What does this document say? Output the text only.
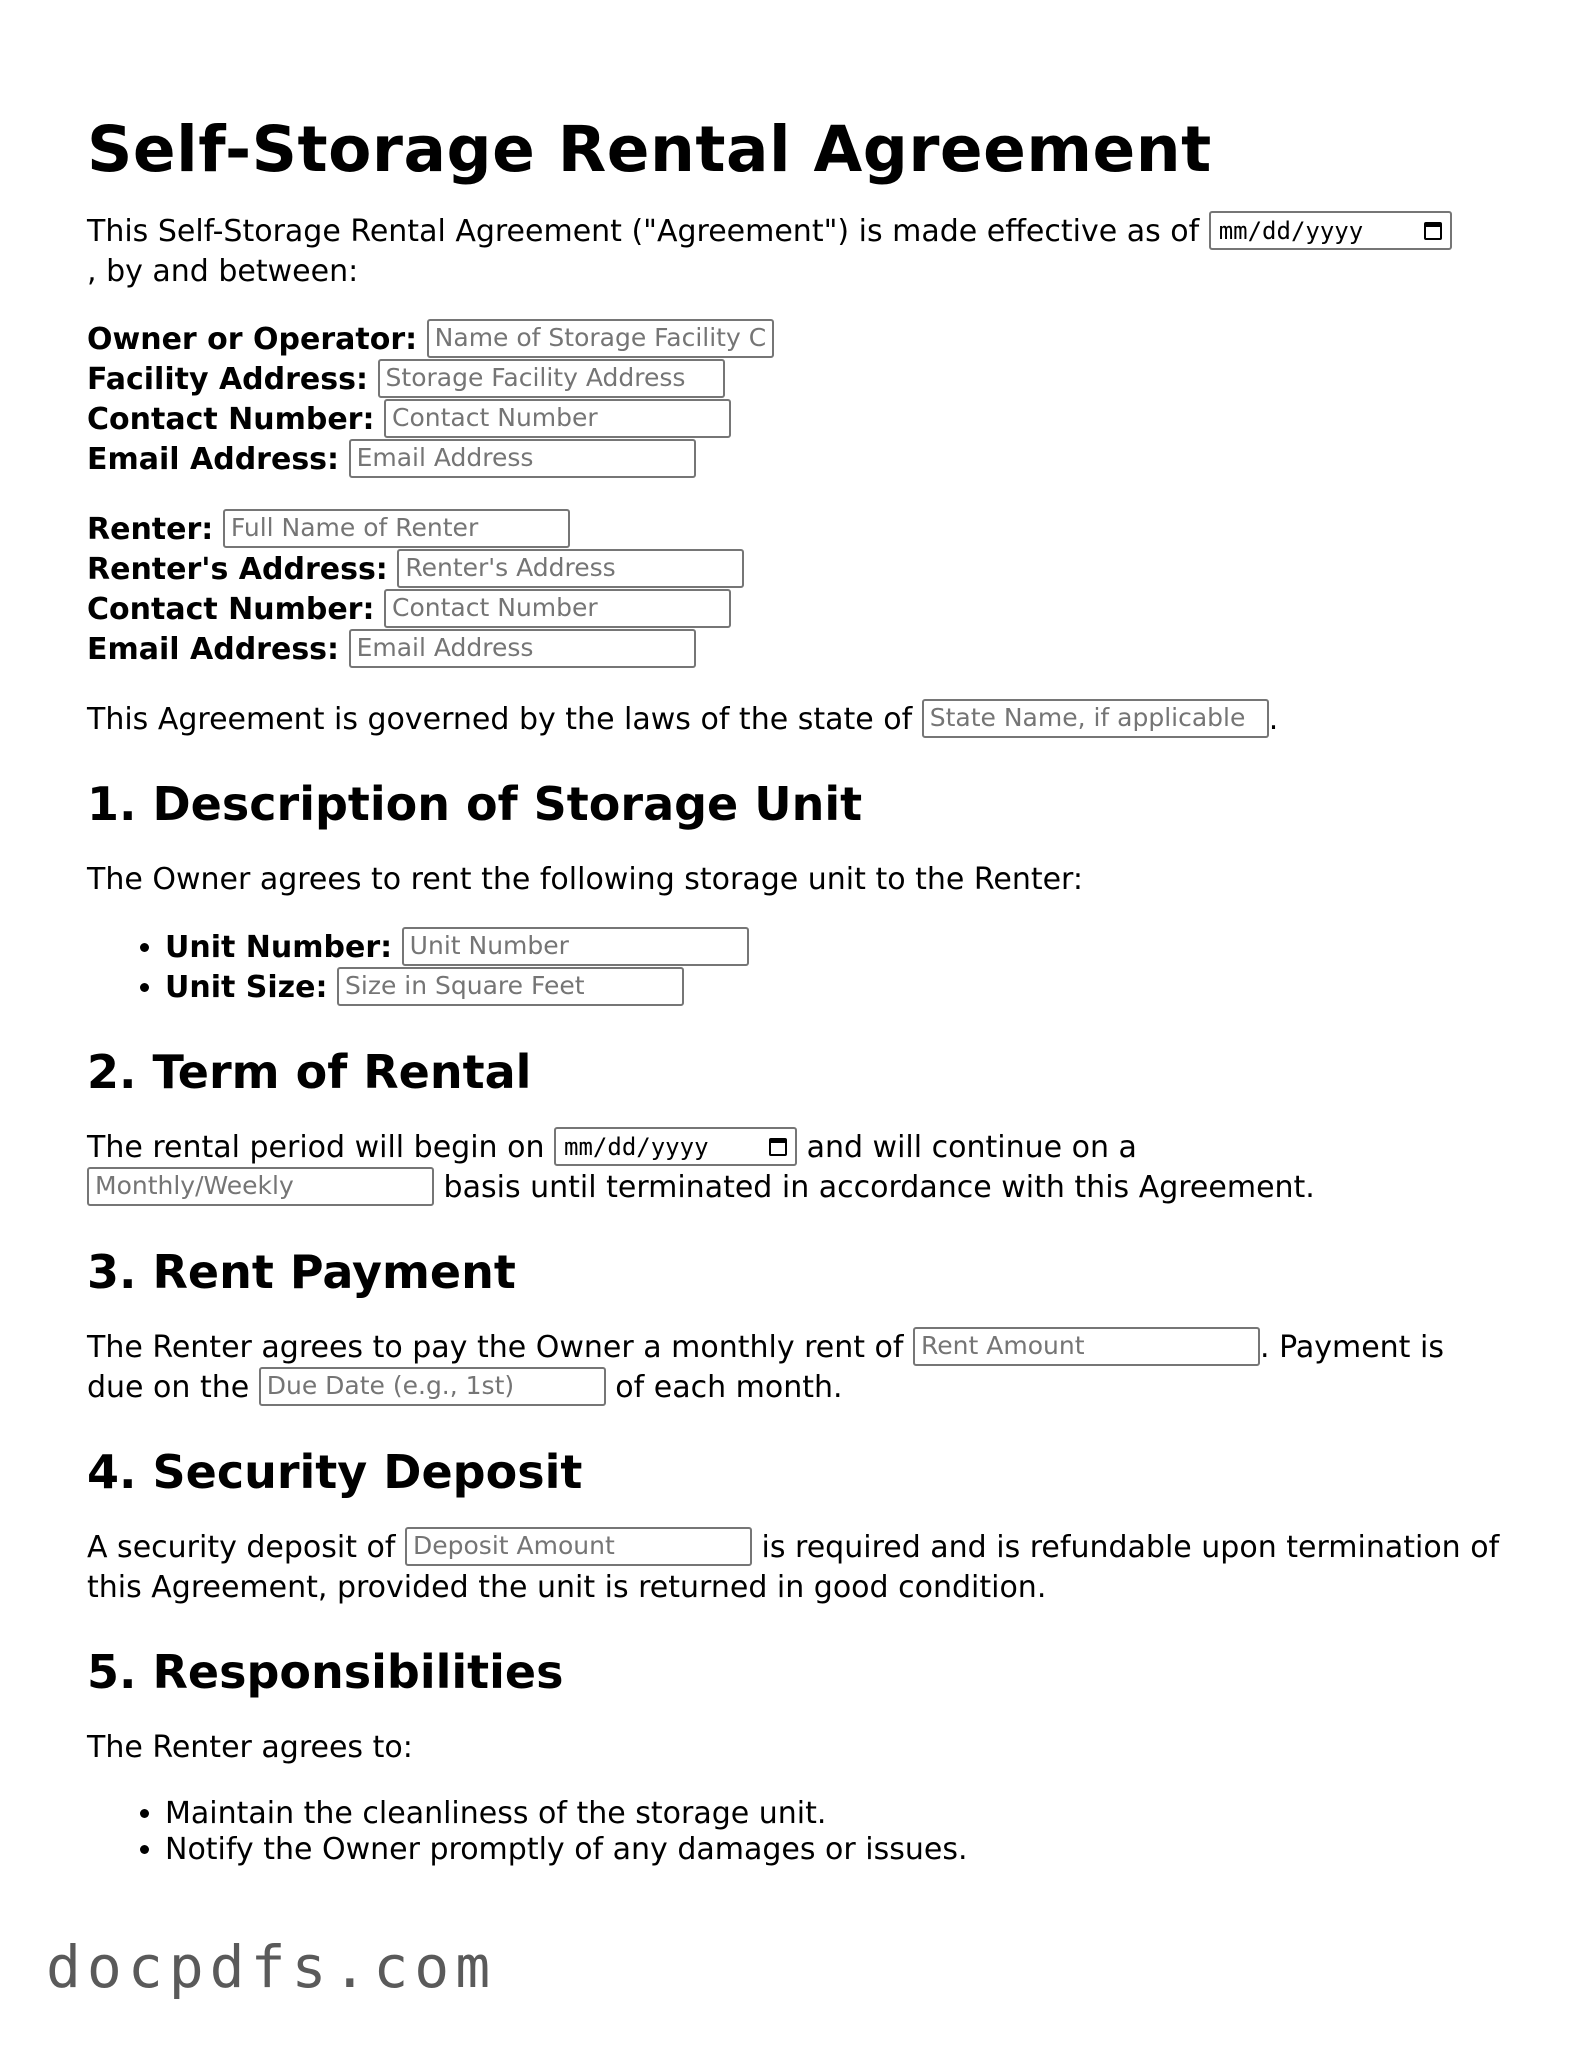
Self-Storage Rental Agreement

This Self-Storage Rental Agreement ("Agreement") is made effective as of mm/dd/yyyy

, by and between:

Owner or Operator: Name of Storage Facility C
Facility Address: Storage Facility Address
Contact Number: Contact Number
Email Address: Email Address

Renter: Full Name of Renter
Renter's Address: Renter's Address
Contact Number: Contact Number
Email Address: Email Address

This Agreement is governed by the laws of the state of State Name, if applicable .

1. Description of Storage Unit

The Owner agrees to rent the following storage unit to the Renter:

• Unit Number: Unit Number
• Unit Size: Size in Square Feet
2. Term of Rental

The rental period will begin on mm/dd/yyyy	and will continue on a
Monthly/Weekly	basis until terminated in accordance with this Agreement.

3. Rent Payment

The Renter agrees to pay the Owner a monthly rent of Rent Amount	. Payment is due on the Due Date (e.g., 1st)	of each month.

4. Security Deposit

A security deposit of Deposit Amount	is required and is refundable upon termination of this Agreement, provided the unit is returned in good condition.

5. Responsibilities

The Renter agrees to:

• Maintain the cleanliness of the storage unit.
• Notify the Owner promptly of any damages or issues.
docpdfs.com
